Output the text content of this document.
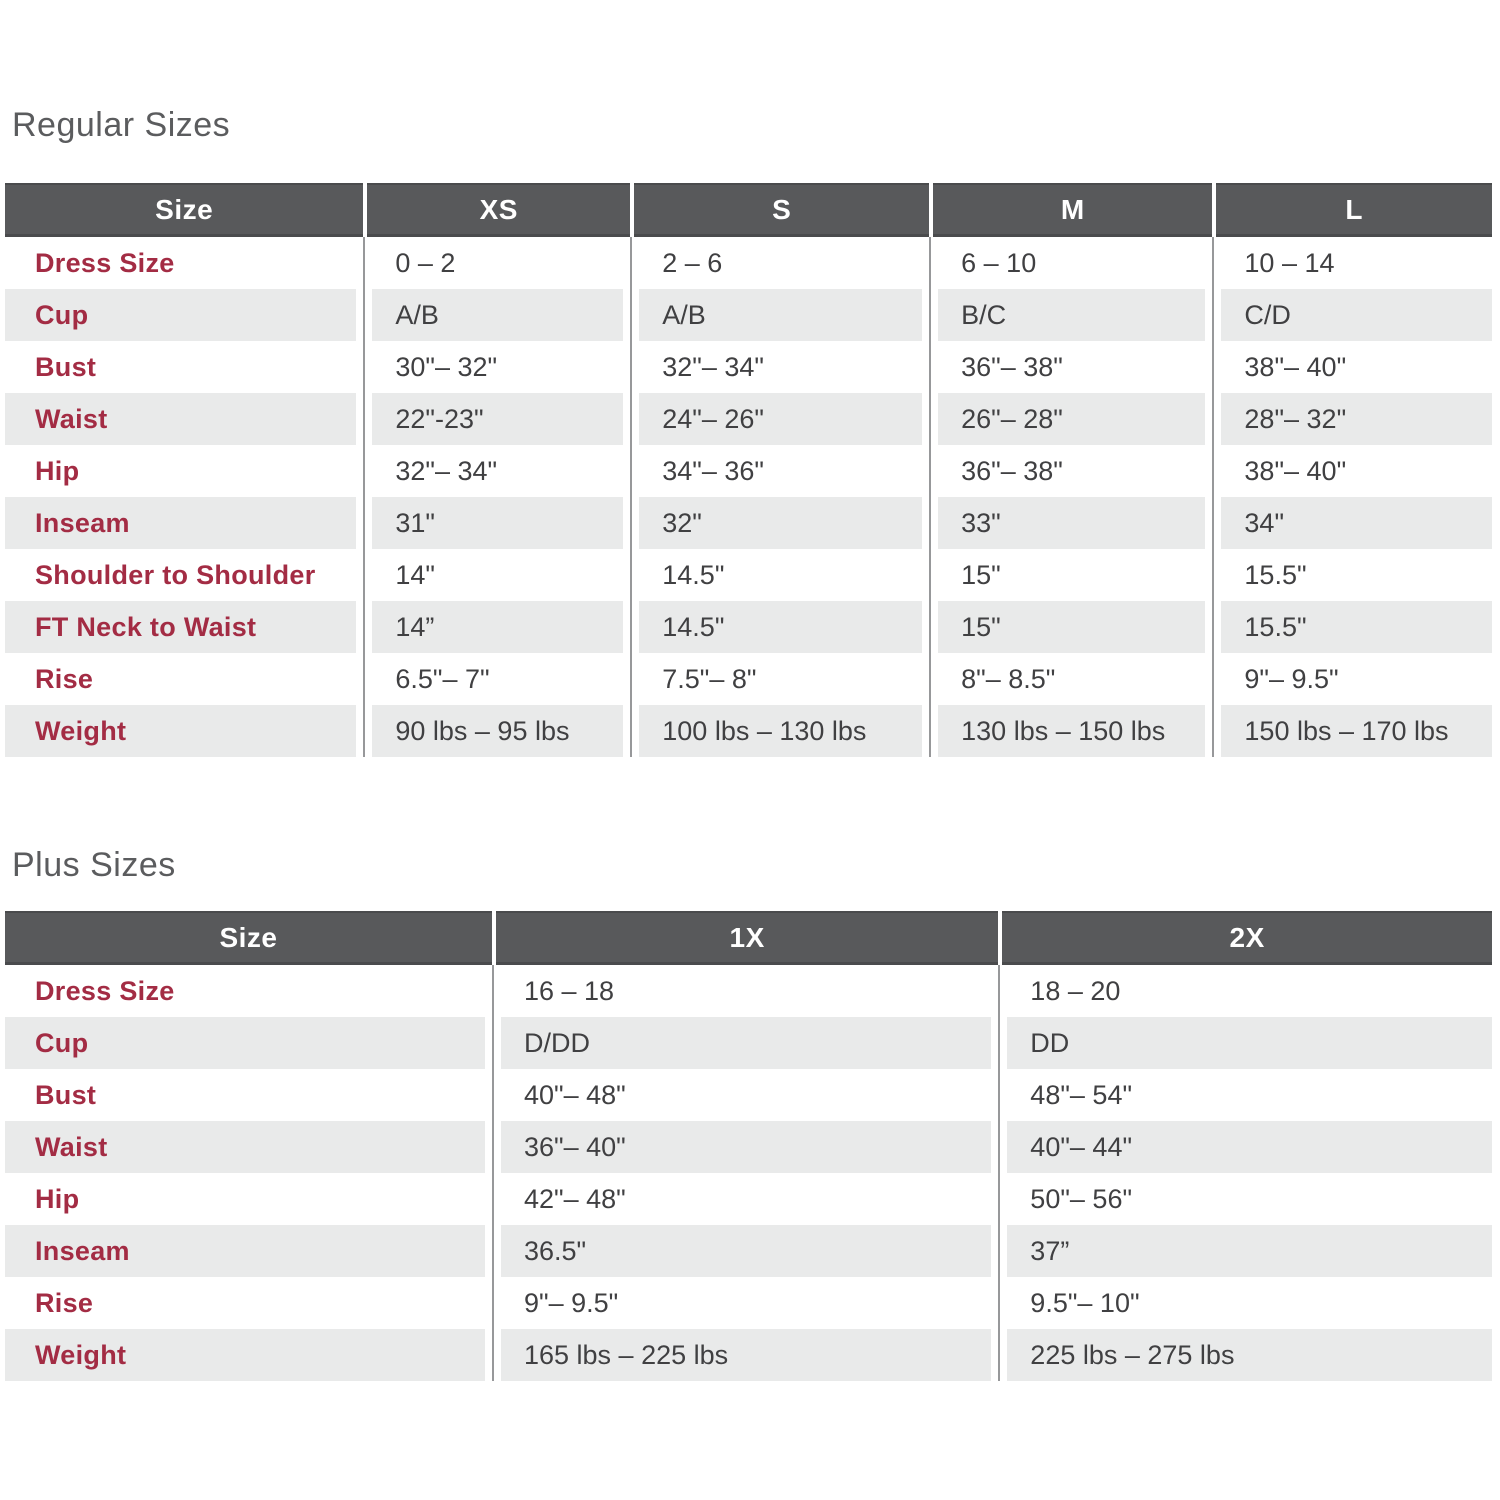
Regular Sizes
Size	XS	S	M	L
Dress Size	0 – 2	2 – 6	6 – 10	10 – 14
Cup	A/B	A/B	B/C	C/D
Bust	30"– 32"	32"– 34"	36"– 38"	38"– 40"
Waist	22"-23"	24"– 26"	26"– 28"	28"– 32"
Hip	32"– 34"	34"– 36"	36"– 38"	38"– 40"
Inseam	31"	32"	33"	34"
Shoulder to Shoulder	14"	14.5"	15"	15.5"
FT Neck to Waist	14”	14.5"	15"	15.5"
Rise	6.5"– 7"	7.5"– 8"	8"– 8.5"	9"– 9.5"
Weight	90 lbs – 95 lbs	100 lbs – 130 lbs	130 lbs – 150 lbs	150 lbs – 170 lbs
Plus Sizes
Size	1X	2X
Dress Size	16 – 18	18 – 20
Cup	D/DD	DD
Bust	40"– 48"	48"– 54"
Waist	36"– 40"	40"– 44"
Hip	42"– 48"	50"– 56"
Inseam	36.5"	37”
Rise	9"– 9.5"	9.5"– 10"
Weight	165 lbs – 225 lbs	225 lbs – 275 lbs
